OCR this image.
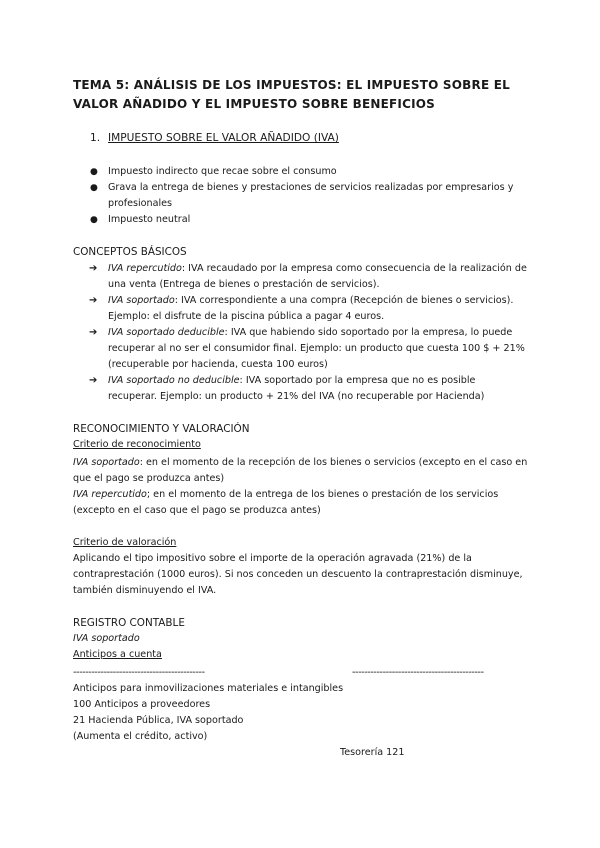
TEMA 5: ANÁLISIS DE LOS IMPUESTOS: EL IMPUESTO SOBRE EL
VALOR AÑADIDO Y EL IMPUESTO SOBRE BENEFICIOS
1. IMPUESTO SOBRE EL VALOR AÑADIDO (IVA)
● Impuesto indirecto que recae sobre el consumo
● Grava la entrega de bienes y prestaciones de servicios realizadas por empresarios y
profesionales
● Impuesto neutral
CONCEPTOS BÁSICOS
➔ IVA repercutido: IVA recaudado por la empresa como consecuencia de la realización de
una venta (Entrega de bienes o prestación de servicios).
➔ IVA soportado: IVA correspondiente a una compra (Recepción de bienes o servicios).
Ejemplo: el disfrute de la piscina pública a pagar 4 euros.
➔ IVA soportado deducible: IVA que habiendo sido soportado por la empresa, lo puede
recuperar al no ser el consumidor final. Ejemplo: un producto que cuesta 100 $ + 21%
(recuperable por hacienda, cuesta 100 euros)
➔ IVA soportado no deducible: IVA soportado por la empresa que no es posible
recuperar. Ejemplo: un producto + 21% del IVA (no recuperable por Hacienda)
RECONOCIMIENTO Y VALORACIÓN
Criterio de reconocimiento
IVA soportado: en el momento de la recepción de los bienes o servicios (excepto en el caso en
que el pago se produzca antes)
IVA repercutido; en el momento de la entrega de los bienes o prestación de los servicios
(excepto en el caso que el pago se produzca antes)
Criterio de valoración
Aplicando el tipo impositivo sobre el importe de la operación agravada (21%) de la
contraprestación (1000 euros). Si nos conceden un descuento la contraprestación disminuye,
también disminuyendo el IVA.
REGISTRO CONTABLE
IVA soportado
Anticipos a cuenta
-------------------------------------------	-------------------------------------------
Anticipos para inmovilizaciones materiales e intangibles
100 Anticipos a proveedores
21 Hacienda Pública, IVA soportado
(Aumenta el crédito, activo)
Tesorería 121
